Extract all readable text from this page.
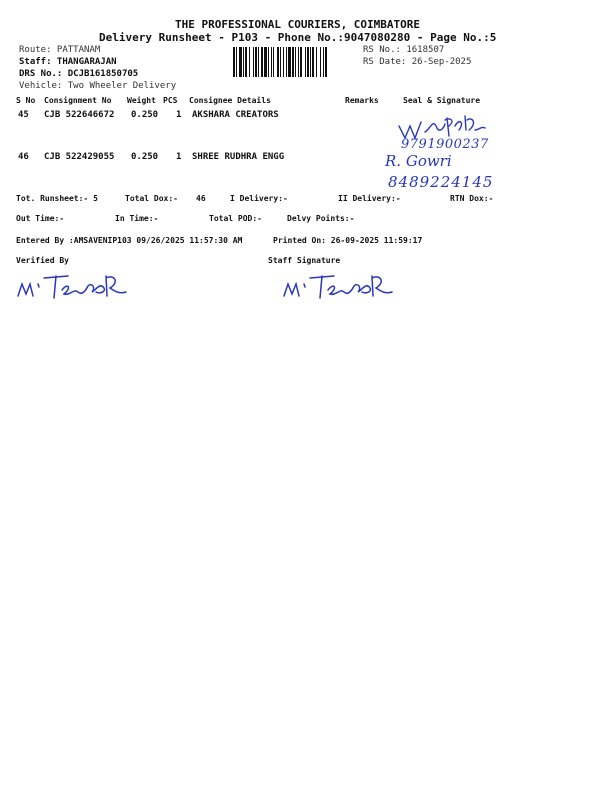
THE PROFESSIONAL COURIERS, COIMBATORE
Delivery Runsheet - P103 - Phone No.:9047080280 - Page No.:5
Route: PATTANAM
Staff: THANGARAJAN
DRS No.: DCJB161850705
Vehicle: Two Wheeler Delivery
RS No.: 1618507
RS Date: 26-Sep-2025
S No Consignment No Weight PCS Consignee Details	Remarks	Seal & Signature
45 CJB 522646672 0.250 1 AKSHARA CREATORS
9791900237
46 CJB 522429055 0.250 1 SHREE RUDHRA ENGG	R. Gowri
8489224145
Tot. Runsheet:- 5	Total Dox:- 46	I Delivery:-	II Delivery:-	RTN Dox:-
Out Time:-	In Time:-	Total POD:-	Delvy Points:-
Entered By :AMSAVENIP103 09/26/2025 11:57:30 AM	Printed On: 26-09-2025 11:59:17
Verified By	Staff Signature
